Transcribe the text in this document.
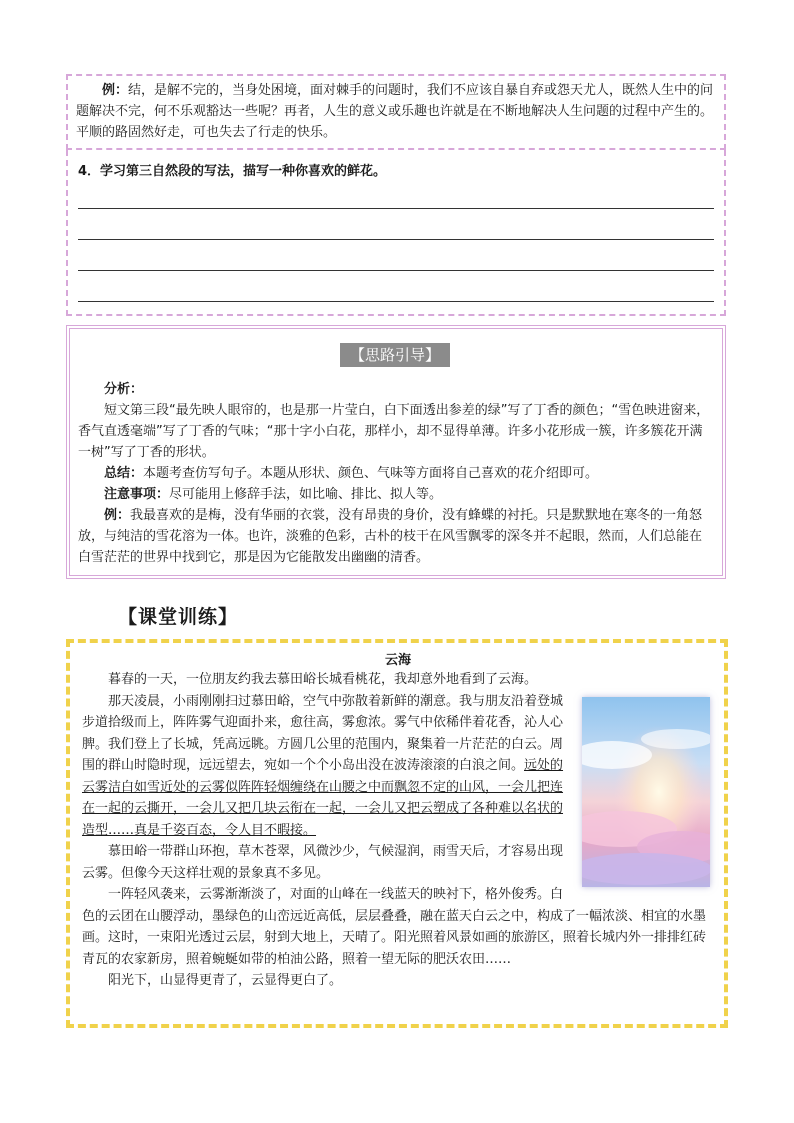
例：结，是解不完的，当身处困境，面对棘手的问题时，我们不应该自暴自弃或怨天尤人，既然人生中的问题解决不完，何不乐观豁达一些呢？再者，人生的意义或乐趣也许就是在不断地解决人生问题的过程中产生的。平顺的路固然好走，可也失去了行走的快乐。

4．学习第三自然段的写法，描写一种你喜欢的鲜花。

【思路引导】

分析：

短文第三段“最先映人眼帘的，也是那一片莹白，白下面透出参差的绿”写了丁香的颜色；“雪色映进窗来，香气直透毫端”写了丁香的气味；“那十字小白花，那样小，却不显得单薄。许多小花形成一簇，许多簇花开满一树”写了丁香的形状。

总结：本题考查仿写句子。本题从形状、颜色、气味等方面将自己喜欢的花介绍即可。

注意事项：尽可能用上修辞手法，如比喻、排比、拟人等。

例：我最喜欢的是梅，没有华丽的衣裳，没有昂贵的身价，没有蜂蝶的衬托。只是默默地在寒冬的一角怒放，与纯洁的雪花溶为一体。也许，淡雅的色彩，古朴的枝干在风雪飘零的深冬并不起眼，然而，人们总能在白雪茫茫的世界中找到它，那是因为它能散发出幽幽的清香。

【课堂训练】

云海

暮春的一天，一位朋友约我去慕田峪长城看桃花，我却意外地看到了云海。

那天凌晨，小雨刚刚扫过慕田峪，空气中弥散着新鲜的潮意。我与朋友沿着登城步道拾级而上，阵阵雾气迎面扑来，愈往高，雾愈浓。雾气中依稀伴着花香，沁人心脾。我们登上了长城，凭高远眺。方圆几公里的范围内，聚集着一片茫茫的白云。周围的群山时隐时现，远远望去，宛如一个个小岛出没在波涛滚滚的白浪之间。远处的云雾洁白如雪近处的云雾似阵阵轻烟缠绕在山腰之中而飘忽不定的山风，一会儿把连在一起的云撕开，一会儿又把几块云衔在一起，一会儿又把云塑成了各种难以名状的造型……真是千姿百态，令人目不暇接。

慕田峪一带群山环抱，草木苍翠，风微沙少，气候湿润，雨雪天后，才容易出现云雾。但像今天这样壮观的景象真不多见。

一阵轻风袭来，云雾渐渐淡了，对面的山峰在一线蓝天的映衬下，格外俊秀。白色的云团在山腰浮动，墨绿色的山峦远近高低，层层叠叠，融在蓝天白云之中，构成了一幅浓淡、相宜的水墨画。这时，一束阳光透过云层，射到大地上，天晴了。阳光照着风景如画的旅游区，照着长城内外一排排红砖青瓦的农家新房，照着蜿蜒如带的柏油公路，照着一望无际的肥沃农田……

阳光下，山显得更青了，云显得更白了。
